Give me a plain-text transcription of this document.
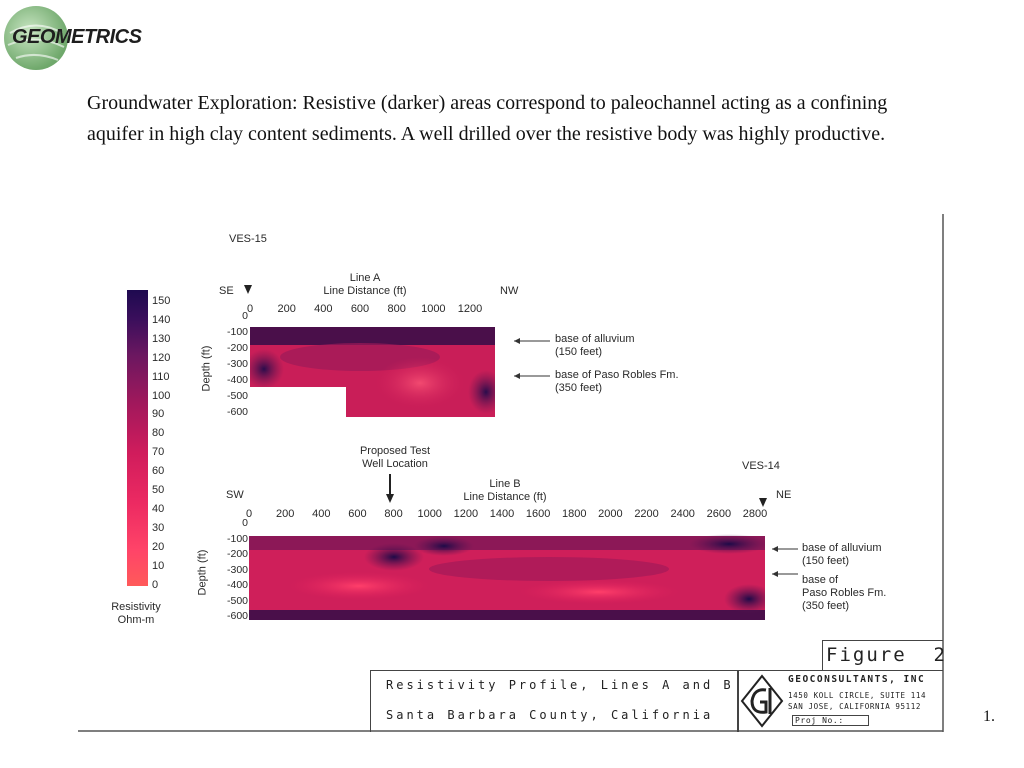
GEOMETRICS
Groundwater Exploration: Resistive (darker) areas correspond to paleochannel acting as a confining aquifer in high clay content sediments. A well drilled over the resistive body was highly productive.
150
140
130
120
110
100
90
80
70
60
50
40
30
20
10
0
Resistivity
Ohm-m
VES-15
SE	NW
Line A
Line Distance (ft)
0	200	400	600	800	1000	1200
0
-100
-200
-300
-400
-500
-600
Depth (ft)
base of alluvium
(150 feet)
base of Paso Robles Fm.
(350 feet)
Proposed Test
Well Location	VES-14
SW	NE
Line B
Line Distance (ft)
0	200	400	600	800	1000	1200	1400	1600	1800	2000	2200	2400	2600	2800
0
-100
-200
-300
-400
-500
-600
Depth (ft)
base of alluvium
(150 feet)
base of
Paso Robles Fm.
(350 feet)
Figure  2
Resistivity Profile, Lines A and B
Santa Barbara County, California
GEOCONSULTANTS, INC
1450 KOLL CIRCLE, SUITE 114
SAN JOSE, CALIFORNIA 95112
Proj No.:	1.
